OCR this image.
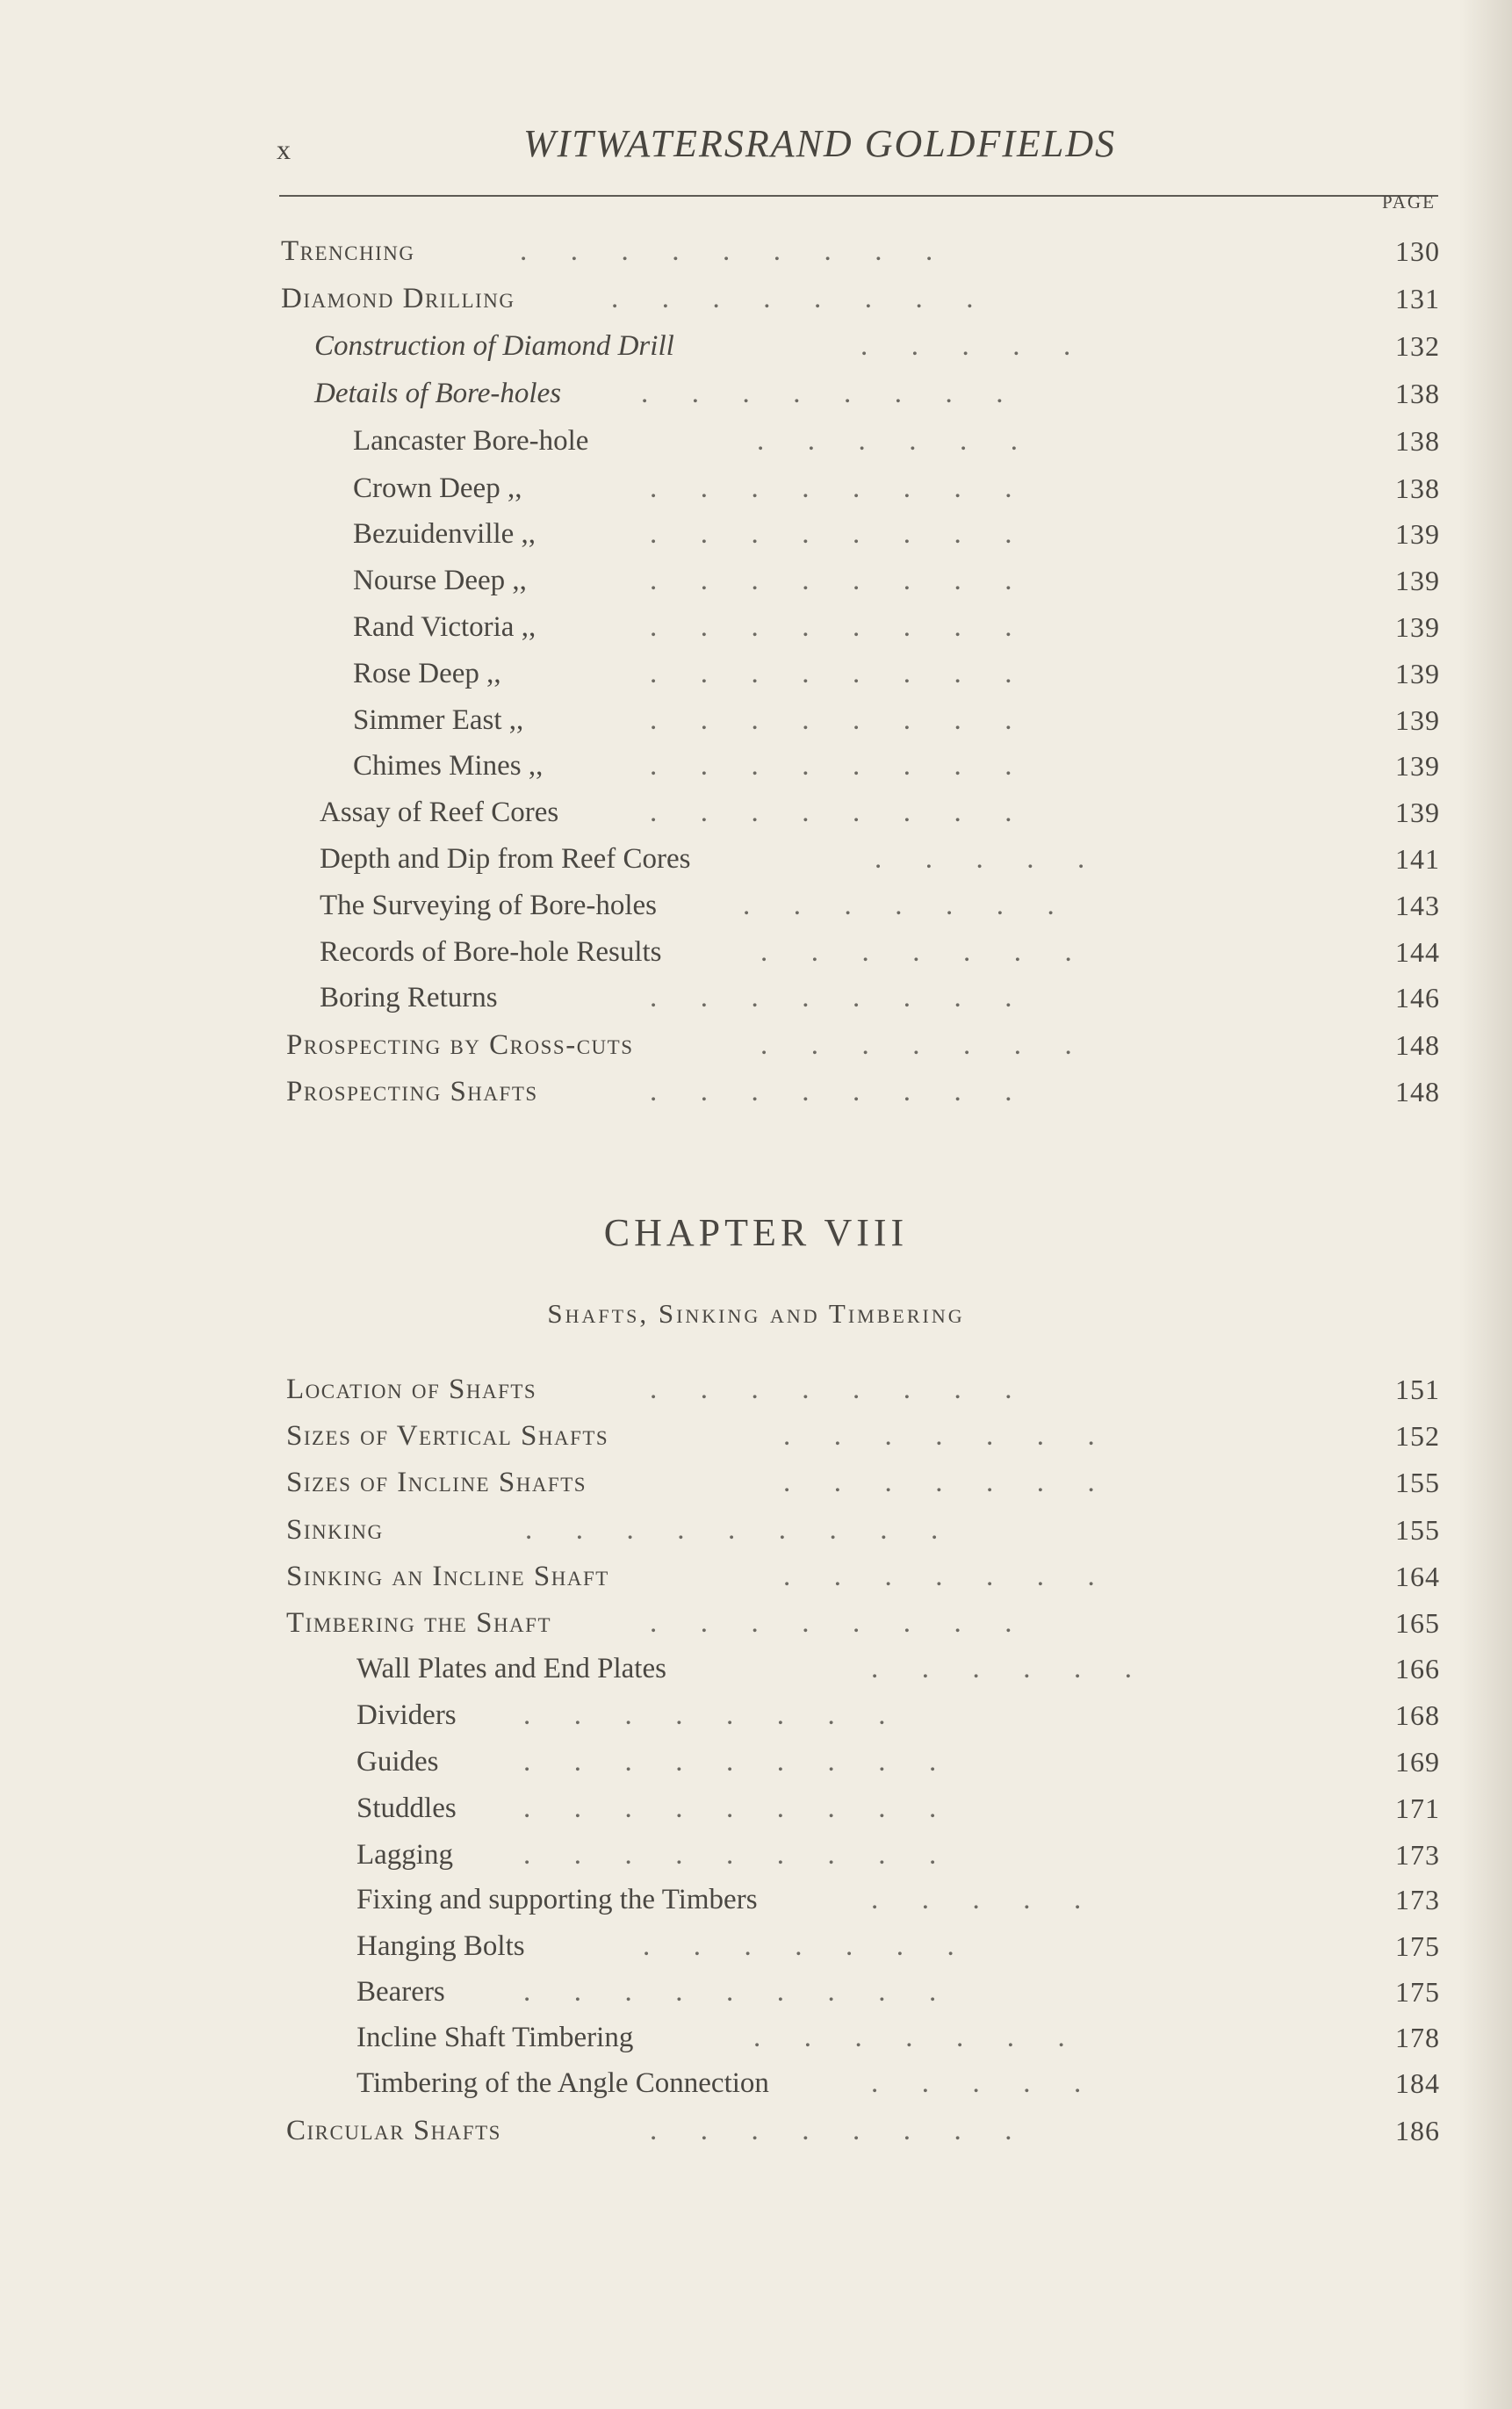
x	WITWATERSRAND GOLDFIELDS
PAGE
Trenching	.      .      .      .      .      .      .      .      .	130
Diamond Drilling	.      .      .      .      .      .      .      .	131
Construction of Diamond Drill	.      .      .      .      .	132
Details of Bore-holes	.      .      .      .      .      .      .      .	138
Lancaster Bore-hole	.      .      .      .      .      .	138
Crown Deep ,,	.      .      .      .      .      .      .      .	138
Bezuidenville ,,	.      .      .      .      .      .      .      .	139
Nourse Deep ,,	.      .      .      .      .      .      .      .	139
Rand Victoria ,,	.      .      .      .      .      .      .      .	139
Rose Deep ,,	.      .      .      .      .      .      .      .	139
Simmer East ,,	.      .      .      .      .      .      .      .	139
Chimes Mines ,,	.      .      .      .      .      .      .      .	139
Assay of Reef Cores	.      .      .      .      .      .      .      .	139
Depth and Dip from Reef Cores	.      .      .      .      .	141
The Surveying of Bore-holes	.      .      .      .      .      .      .	143
Records of Bore-hole Results	.      .      .      .      .      .      .	144
Boring Returns	.      .      .      .      .      .      .      .	146
Prospecting by Cross-cuts	.      .      .      .      .      .      .	148
Prospecting Shafts	.      .      .      .      .      .      .      .	148
CHAPTER VIII
Shafts, Sinking and Timbering
Location of Shafts	.      .      .      .      .      .      .      .	151
Sizes of Vertical Shafts	.      .      .      .      .      .      .	152
Sizes of Incline Shafts	.      .      .      .      .      .      .	155
Sinking	.      .      .      .      .      .      .      .      .	155
Sinking an Incline Shaft	.      .      .      .      .      .      .	164
Timbering the Shaft	.      .      .      .      .      .      .      .	165
Wall Plates and End Plates	.      .      .      .      .      .	166
Dividers .      .      .      .      .      .      .      .	168
Guides	.      .      .      .      .      .      .      .      .	169
Studdles .      .      .      .      .      .      .      .      .	171
Lagging .      .      .      .      .      .      .      .      .	173
Fixing and supporting the Timbers	.      .      .      .      .	173
Hanging Bolts	.      .      .      .      .      .      .	175
Bearers	.      .      .      .      .      .      .      .      .	175
Incline Shaft Timbering	.      .      .      .      .      .      .	178
Timbering of the Angle Connection	.      .      .      .      .	184
Circular Shafts	.      .      .      .      .      .      .      .	186
